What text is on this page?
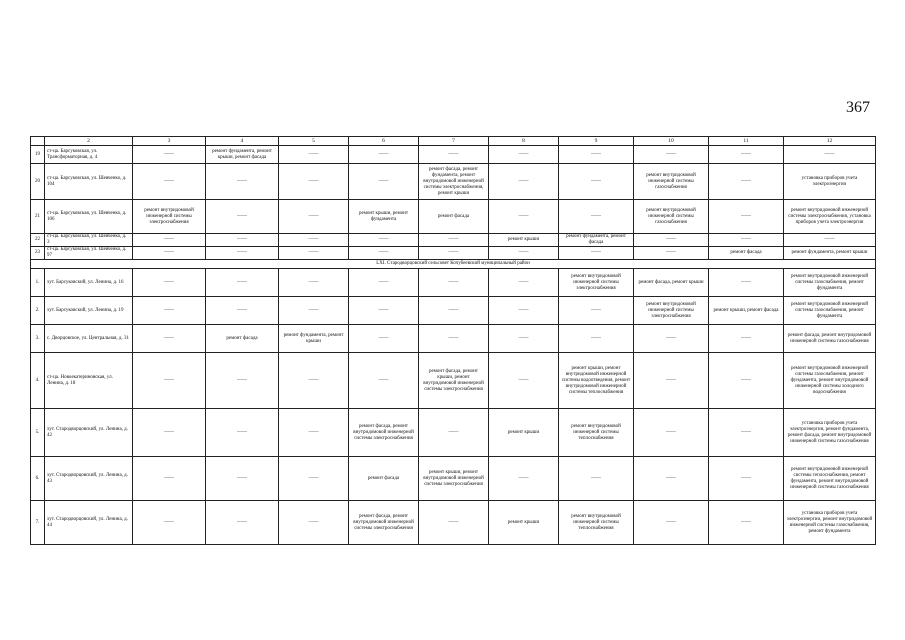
367
	2	3	4	5	6	7	8	9	10	11	12
19	ст-ца. Барсуковская, ул. Трансформаторная, д. 4	——	ремонт фундамента, ремонт крыши, ремонт фасада	——	——	——	——	——	——	——	——
20	ст-ца. Барсуковская, ул. Шевченко, д. 104	——	——	——	——	ремонт фасада, ремонт фундамента, ремонт внутридомовой инженерной системы электроснабжения, ремонт крыши	——	——	ремонт внутридомовой инженерной системы газоснабжения	——	установка приборов учета электроэнергии
21	ст-ца. Барсуковская, ул. Шевченко, д. 106	ремонт внутридомовой инженерной системы электроснабжения	——	——	ремонт крыши, ремонт фундамента	ремонт фасада	——	——	ремонт внутридомовой инженерной системы газоснабжения	——	ремонт внутридомовой инженерной системы электроснабжения, установка приборов учета электроэнергии
22	ст-ца. Барсуковская, ул. Шевченко, д. 3	——	——	——	——	——	ремонт крыши	ремонт фундамента, ремонт фасада	——	——	——
23	ст-ца. Барсуковская, ул. Шевченко, д. 97	——	——	——	——	——	——	——	——	ремонт фасада	ремонт фундамента, ремонт крыши
LXI. Стародворцовский сельсовет Кочубеевский муниципальный район											
1.	хут. Барсуковский, ул. Ленина, д. 16	——	——	——	——	——	——	ремонт внутридомовой инженерной системы электроснабжения	ремонт фасада, ремонт крыши	——	ремонт внутридомовой инженерной системы газоснабжения, ремонт фундамента
2.	хут. Барсуковский, ул. Ленина, д. 19	——	——	——	——	——	——	——	ремонт внутридомовой инженерной системы электроснабжения	ремонт крыши, ремонт фасада	ремонт внутридомовой инженерной системы газоснабжения, ремонт фундамента
3.	с. Дворцовское, ул. Центральная, д. 31	——	ремонт фасада	ремонт фундамента, ремонт крыши	——	——	——	——	——	——	ремонт фасада, ремонт внутридомовой инженерной системы газоснабжения
4.	ст-ца. Новоекатериновская, ул. Ленина, д. 18	——	——	——	——	ремонт фасада, ремонт крыши, ремонт внутридомовой инженерной системы электроснабжения	——	ремонт крыши, ремонт внутридомовой инженерной системы водоотведения, ремонт внутридомовой инженерной системы теплоснабжения	——	——	ремонт внутридомовой инженерной системы газоснабжения, ремонт фундамента, ремонт внутридомовой инженерной системы холодного водоснабжения
5.	хут. Стародворцовский, ул. Ленина, д. 42	——	——	——	ремонт фасада, ремонт внутридомовой инженерной системы электроснабжения	——	ремонт крыши	ремонт внутридомовой инженерной системы теплоснабжения	——	——	установка приборов учета электроэнергии, ремонт фундамента, ремонт фасада, ремонт внутридомовой инженерной системы газоснабжения
6.	хут. Стародворцовский, ул. Ленина, д. 43	——	——	——	ремонт фасада	ремонт крыши, ремонт внутридомовой инженерной системы электроснабжения	——	——	——	——	ремонт внутридомовой инженерной системы теплоснабжения, ремонт фундамента, ремонт внутридомовой инженерной системы газоснабжения
7.	хут. Стародворцовский, ул. Ленина, д. 44	——	——	——	ремонт фасада, ремонт внутридомовой инженерной системы электроснабжения	——	ремонт крыши	ремонт внутридомовой инженерной системы теплоснабжения	——	——	установка приборов учета электроэнергии, ремонт внутридомовой инженерной системы газоснабжения, ремонт фундамента
